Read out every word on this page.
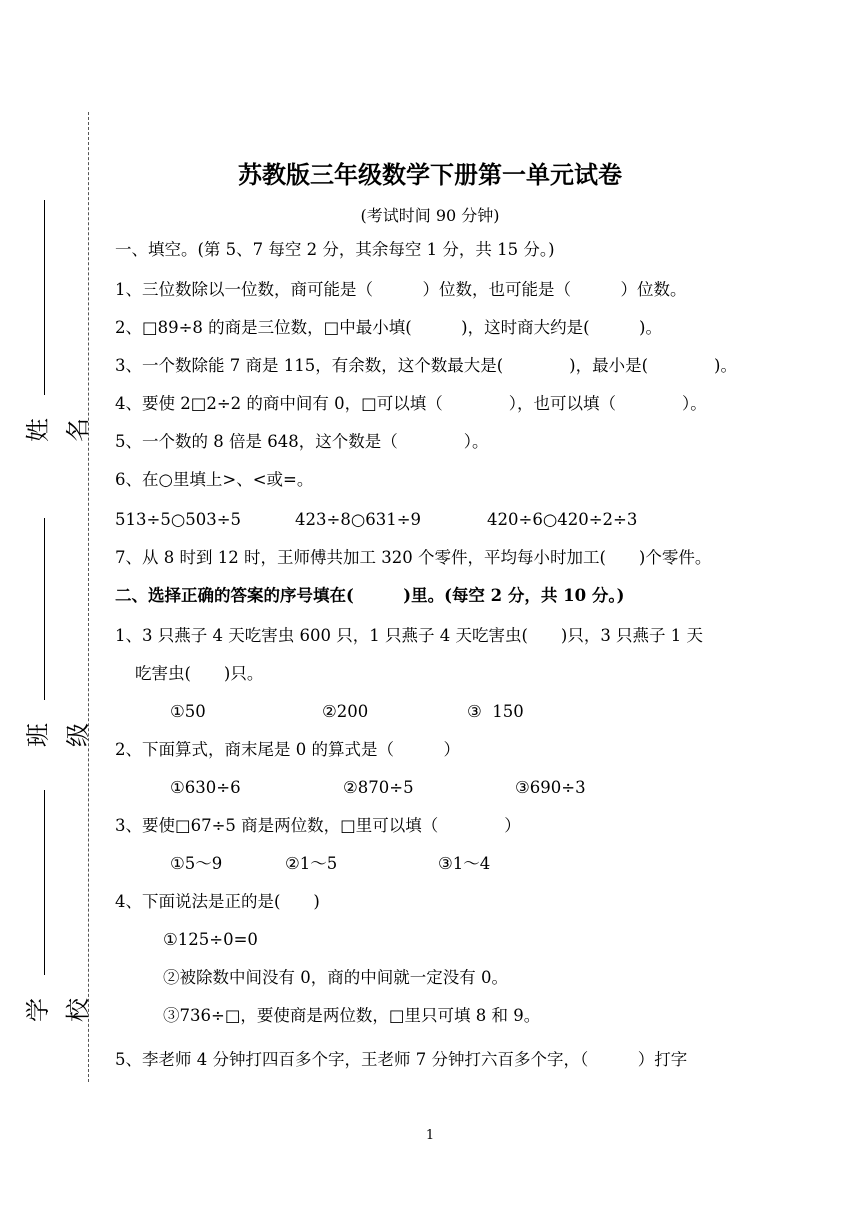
姓名
班级
学校
苏教版三年级数学下册第一单元试卷
(考试时间 90 分钟)
一、填空。(第 5、7 每空 2 分，其余每空 1 分，共 15 分。)
1、三位数除以一位数，商可能是（　　　）位数，也可能是（　　　）位数。
2、□89÷8 的商是三位数，□中最小填(　　　)，这时商大约是(　　　)。
3、一个数除能 7 商是 115，有余数，这个数最大是(　　　　)，最小是(　　　　)。
4、要使 2□2÷2 的商中间有 0，□可以填（　　　　），也可以填（　　　　）。
5、一个数的 8 倍是 648，这个数是（　　　　）。
6、在○里填上>、<或=。
513÷5○503÷5	423÷8○631÷9	420÷6○420÷2÷3
7、从 8 时到 12 时，王师傅共加工 320 个零件，平均每小时加工(　　)个零件。
二、选择正确的答案的序号填在(　　　)里。(每空 2 分，共 10 分。)
1、3 只燕子 4 天吃害虫 600 只，1 只燕子 4 天吃害虫(　　)只，3 只燕子 1 天
吃害虫(　　)只。
①50	②200	③  150
2、下面算式，商末尾是 0 的算式是（　　　）
①630÷6	②870÷5	③690÷3
3、要使□67÷5 商是两位数，□里可以填（　　　　）
①5～9	②1～5	③1～4
4、下面说法是正的是(　　)
①125÷0=0
②被除数中间没有 0，商的中间就一定没有 0。
③736÷□，要使商是两位数，□里只可填 8 和 9。
5、李老师 4 分钟打四百多个字，王老师 7 分钟打六百多个字，（　　　）打字
1
